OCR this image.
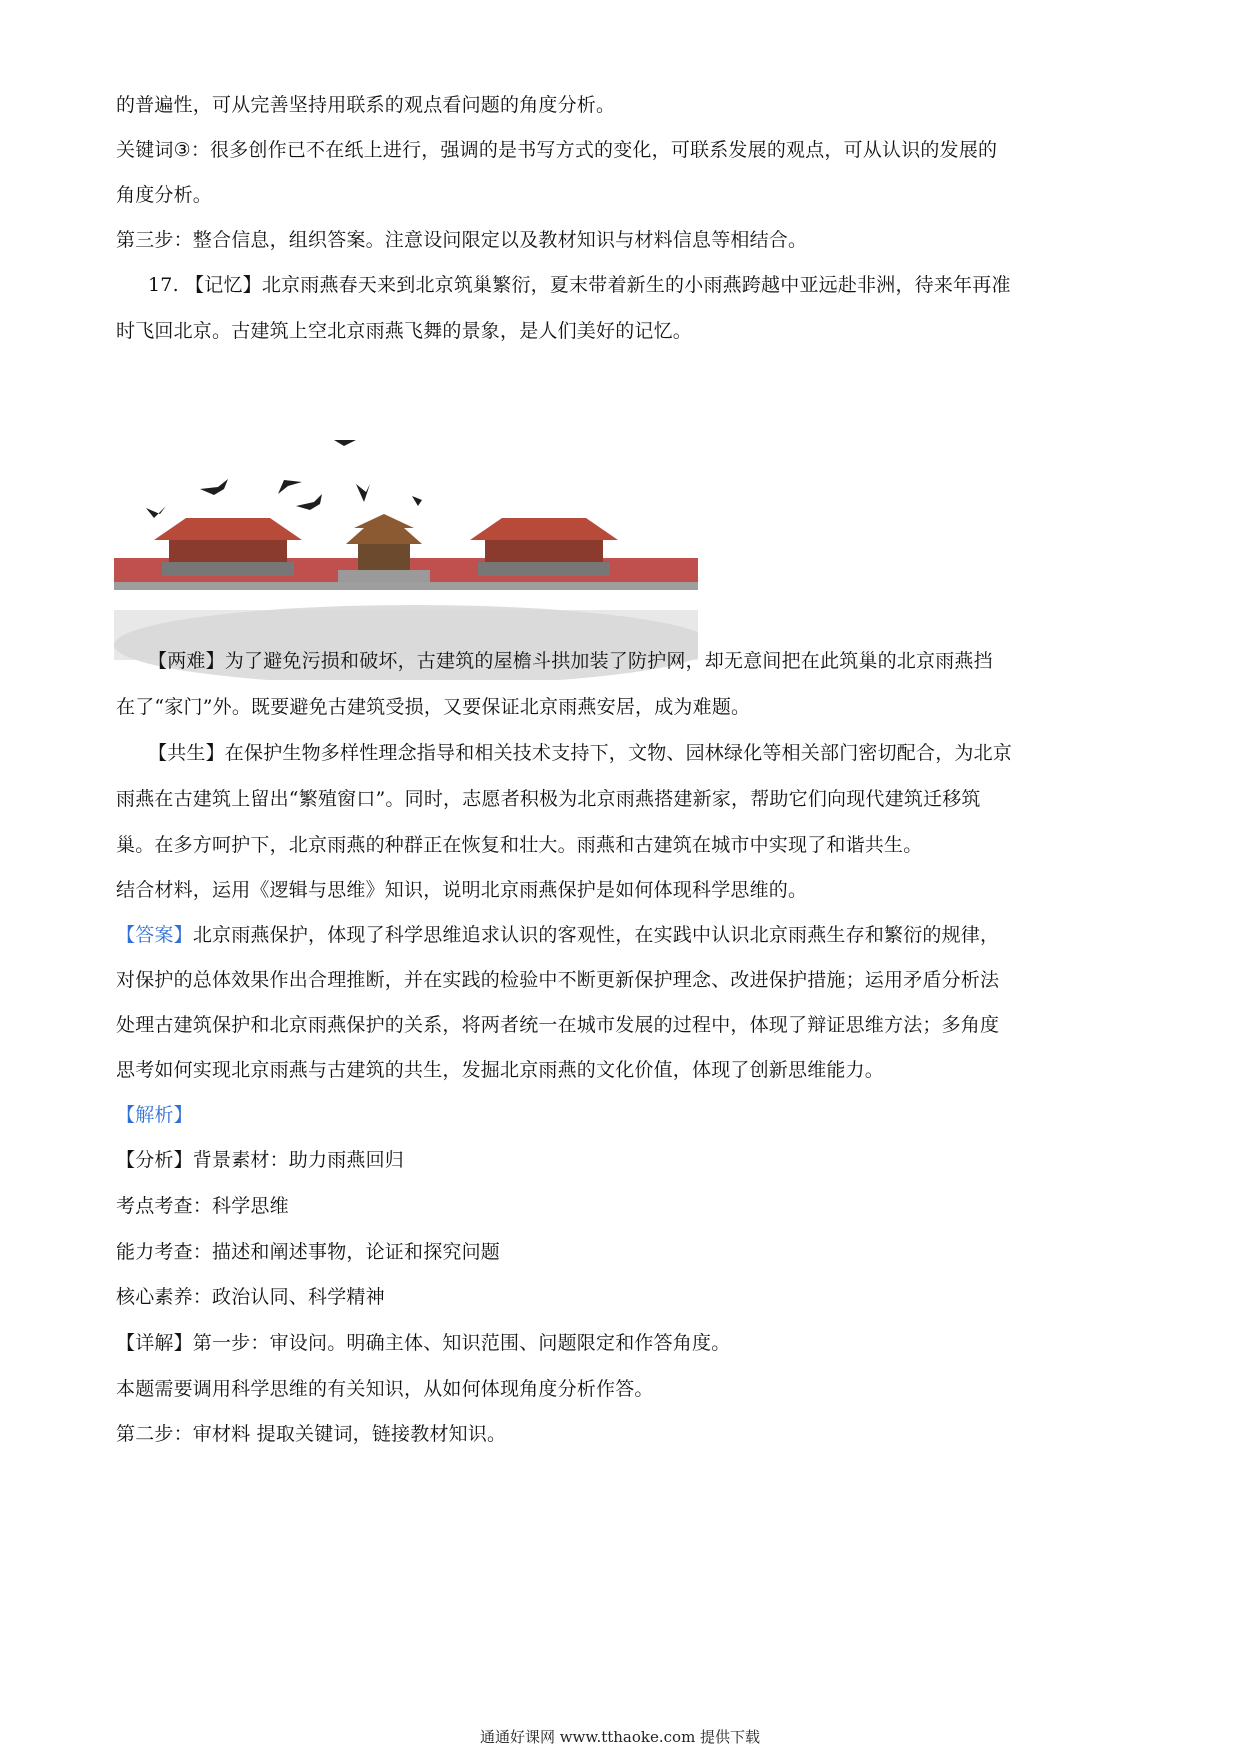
的普遍性，可从完善坚持用联系的观点看问题的角度分析。
关键词③：很多创作已不在纸上进行，强调的是书写方式的变化，可联系发展的观点，可从认识的发展的
角度分析。
第三步：整合信息，组织答案。注意设问限定以及教材知识与材料信息等相结合。
17. 【记忆】北京雨燕春天来到北京筑巢繁衍，夏末带着新生的小雨燕跨越中亚远赴非洲，待来年再准
时飞回北京。古建筑上空北京雨燕飞舞的景象，是人们美好的记忆。
【两难】为了避免污损和破坏，古建筑的屋檐斗拱加装了防护网，却无意间把在此筑巢的北京雨燕挡
在了“家门”外。既要避免古建筑受损，又要保证北京雨燕安居，成为难题。
【共生】在保护生物多样性理念指导和相关技术支持下，文物、园林绿化等相关部门密切配合，为北京
雨燕在古建筑上留出“繁殖窗口”。同时，志愿者积极为北京雨燕搭建新家，帮助它们向现代建筑迁移筑
巢。在多方呵护下，北京雨燕的种群正在恢复和壮大。雨燕和古建筑在城市中实现了和谐共生。
结合材料，运用《逻辑与思维》知识，说明北京雨燕保护是如何体现科学思维的。
【答案】北京雨燕保护，体现了科学思维追求认识的客观性，在实践中认识北京雨燕生存和繁衍的规律，
对保护的总体效果作出合理推断，并在实践的检验中不断更新保护理念、改进保护措施；运用矛盾分析法
处理古建筑保护和北京雨燕保护的关系，将两者统一在城市发展的过程中，体现了辩证思维方法；多角度
思考如何实现北京雨燕与古建筑的共生，发掘北京雨燕的文化价值，体现了创新思维能力。
【解析】
【分析】背景素材：助力雨燕回归
考点考查：科学思维
能力考查：描述和阐述事物，论证和探究问题
核心素养：政治认同、科学精神
【详解】第一步：审设问。明确主体、知识范围、问题限定和作答角度。
本题需要调用科学思维的有关知识，从如何体现角度分析作答。
第二步：审材料 提取关键词，链接教材知识。
通通好课网 www.tthaoke.com 提供下载
